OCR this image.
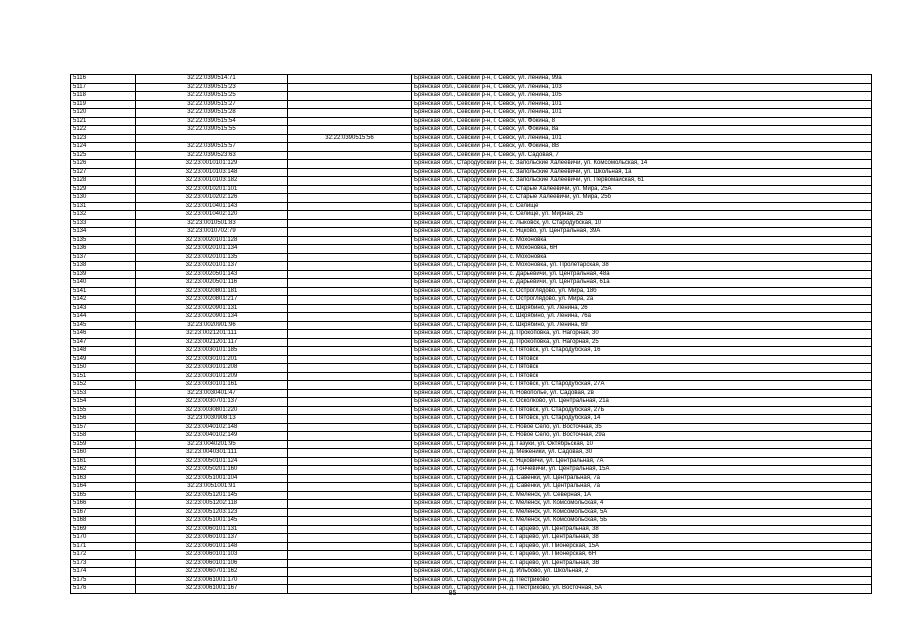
5116	32:22:0390514:71		Брянская обл., Севский р-н, г. Севск, ул. Ленина, 99а
5117	32:22:0390515:23		Брянская обл., Севский р-н, г. Севск, ул. Ленина, 103
5118	32:22:0390515:25		Брянская обл., Севский р-н, г. Севск, ул. Ленина, 105
5119	32:22:0390515:27		Брянская обл., Севский р-н, г. Севск, ул. Ленина, 101
5120	32:22:0390515:28		Брянская обл., Севский р-н, г. Севск, ул. Ленина, 101
5121	32:22:0390515:54		Брянская обл., Севский р-н, г. Севск, ул. Фокина, 8
5122	32:22:0390515:55		Брянская обл., Севский р-н, г. Севск, ул. Фокина, 8а
5123		32:22:0390515:56	Брянская обл., Севский р-н, г. Севск, ул. Ленина, 101
5124	32:22:0390515:57		Брянская обл., Севский р-н, г. Севск, ул. Фокина, 8В
5125	32:22:0390523:63		Брянская обл., Севский р-н, г. Севск, ул. Садовая, 7
5126	32:23:0010101:129		Брянская обл., Стародубский р-н, с. Запольские Халеевичи, ул. Комсомольская, 14
5127	32:23:0010103:148		Брянская обл., Стародубский р-н, с. Запольские Халеевичи, ул. Школьная, 1а
5128	32:23:0010103:182		Брянская обл., Стародубский р-н, с. Запольские Халеевичи, ул. Первомайская, 61
5129	32:23:0010201:101		Брянская обл., Стародубский р-н, с. Старые Халеевичи, ул. Мира, 25А
5130	32:23:0010202:126		Брянская обл., Стародубский р-н, с. Старые Халеевичи, ул. Мира, 25б
5131	32:23:0010401:143		Брянская обл., Стародубский р-н, с. Селище
5132	32:23:0010402:120		Брянская обл., Стародубский р-н, с. Селище, ул. Мирная, 25
5133	32:23:0010501:83		Брянская обл., Стародубский р-н, с. Лыковск, ул. Стародубская, 10
5134	32:23:0010702:79		Брянская обл., Стародубский р-н, с. Яцково, ул. Центральная, 39А
5135	32:23:0020101:128		Брянская обл., Стародубский р-н, с. Мохоновка
5136	32:23:0020101:134		Брянская обл., Стародубский р-н, с. Мохоновка, 6Н
5137	32:23:0020101:135		Брянская обл., Стародубский р-н, с. Мохоновка
5138	32:23:0020101:137		Брянская обл., Стародубский р-н, с. Мохоновка, ул. Пролетарская, 38
5139	32:23:0020501:143		Брянская обл., Стародубский р-н, с. Дарьевичи, ул. Центральная, 48а
5140	32:23:0020501:116		Брянская обл., Стародубский р-н, с. Дарьевичи, ул. Центральная, 61а
5141	32:23:0020801:181		Брянская обл., Стародубский р-н, с. Остроглядово, ул. Мира, 18б
5142	32:23:0020801:217		Брянская обл., Стародубский р-н, с. Остроглядово, ул. Мира, 2а
5143	32:23:0020901:131		Брянская обл., Стародубский р-н, с. Шкрябино, ул. Ленина, 26
5144	32:23:0020901:134		Брянская обл., Стародубский р-н, с. Шкрябино, ул. Ленина, 76а
5145	32:23:0020901:96		Брянская обл., Стародубский р-н, с. Шкрябино, ул. Ленина, 69
5146	32:23:0021201:111		Брянская обл., Стародубский р-н, д. Прокоповка, ул. Нагорная, 30
5147	32:23:0021201:117		Брянская обл., Стародубский р-н, д. Прокоповка, ул. Нагорная, 25
5148	32:23:0030101:185		Брянская обл., Стародубский р-н, с. Пятовск, ул. Стародубская, 16
5149	32:23:0030101:201		Брянская обл., Стародубский р-н, с. Пятовск
5150	32:23:0030101:208		Брянская обл., Стародубский р-н, с. Пятовск
5151	32:23:0030101:209		Брянская обл., Стародубский р-н, с. Пятовск
5152	32:23:0030101:161		Брянская обл., Стародубский р-н, с. Пятовск, ул. Стародубская, 27А
5153	32:23:0030401:47		Брянская обл., Стародубский р-н, п. Новопольe, ул. Садовая, 2в
5154	32:23:0030701:137		Брянская обл., Стародубский р-н, с. Осколково, ул. Центральная, 21а
5155	32:23:0030801:220		Брянская обл., Стародубский р-н, с. Пятовск, ул. Стародубская, 27Б
5156	32:23:0030908:13		Брянская обл., Стародубский р-н, с. Пятовск, ул. Стародубская, 14
5157	32:23:0040102:148		Брянская обл., Стародубский р-н, с. Новое Село, ул. Восточная, 35
5158	32:23:0040102:149		Брянская обл., Стародубский р-н, с. Новое Село, ул. Восточная, 29а
5159	32:23:0040201:95		Брянская обл., Стародубский р-н, д. Газуки, ул. Октябрьская, 10
5160	32:23:0040301:111		Брянская обл., Стародубский р-н, д. Меженики, ул. Садовая, 30
5161	32:23:0050101:124		Брянская обл., Стародубский р-н, с. Яцковичи, ул. Центральная, 7А
5162	32:23:0050201:160		Брянская обл., Стародубский р-н, д. Гончевичи, ул. Центральная, 15А
5163	32:23:0051001:104		Брянская обл., Стародубский р-н, д. Савенки, ул. Центральная, 7а
5164	32:23:0051001:91		Брянская обл., Стародубский р-н, д. Савенки, ул. Центральная, 7а
5165	32:23:0051201:145		Брянская обл., Стародубский р-н, с. Меленск, ул. Северная, 1А
5166	32:23:0051202:118		Брянская обл., Стародубский р-н, с. Меленск, ул. Комсомольская, 4
5167	32:23:0051203:123		Брянская обл., Стародубский р-н, с. Меленск, ул. Комсомольская, 5А
5168	32:23:0051001:145		Брянская обл., Стародубский р-н, с. Меленск, ул. Комсомольская, 5Б
5169	32:23:0060101:131		Брянская обл., Стародубский р-н, с. Гарцево, ул. Центральная, 38
5170	32:23:0060101:137		Брянская обл., Стародубский р-н, с. Гарцево, ул. Центральная, 38
5171	32:23:0060101:148		Брянская обл., Стародубский р-н, с. Гарцево, ул. Пионерская, 15А
5172	32:23:0060101:103		Брянская обл., Стародубский р-н, с. Гарцево, ул. Пионерская, 6Н
5173	32:23:0060101:106		Брянская обл., Стародубский р-н, с. Гарцево, ул. Центральная, 3В
5174	32:23:0060701:162		Брянская обл., Стародубский р-н, д. Ильбово, ул. Школьная, 2
5175	32:23:0061001:170		Брянская обл., Стародубский р-н, д. Пестриково
5176	32:23:0061001:167		Брянская обл., Стародубский р-н, д. Пестриково, ул. Восточная, 5А
85
